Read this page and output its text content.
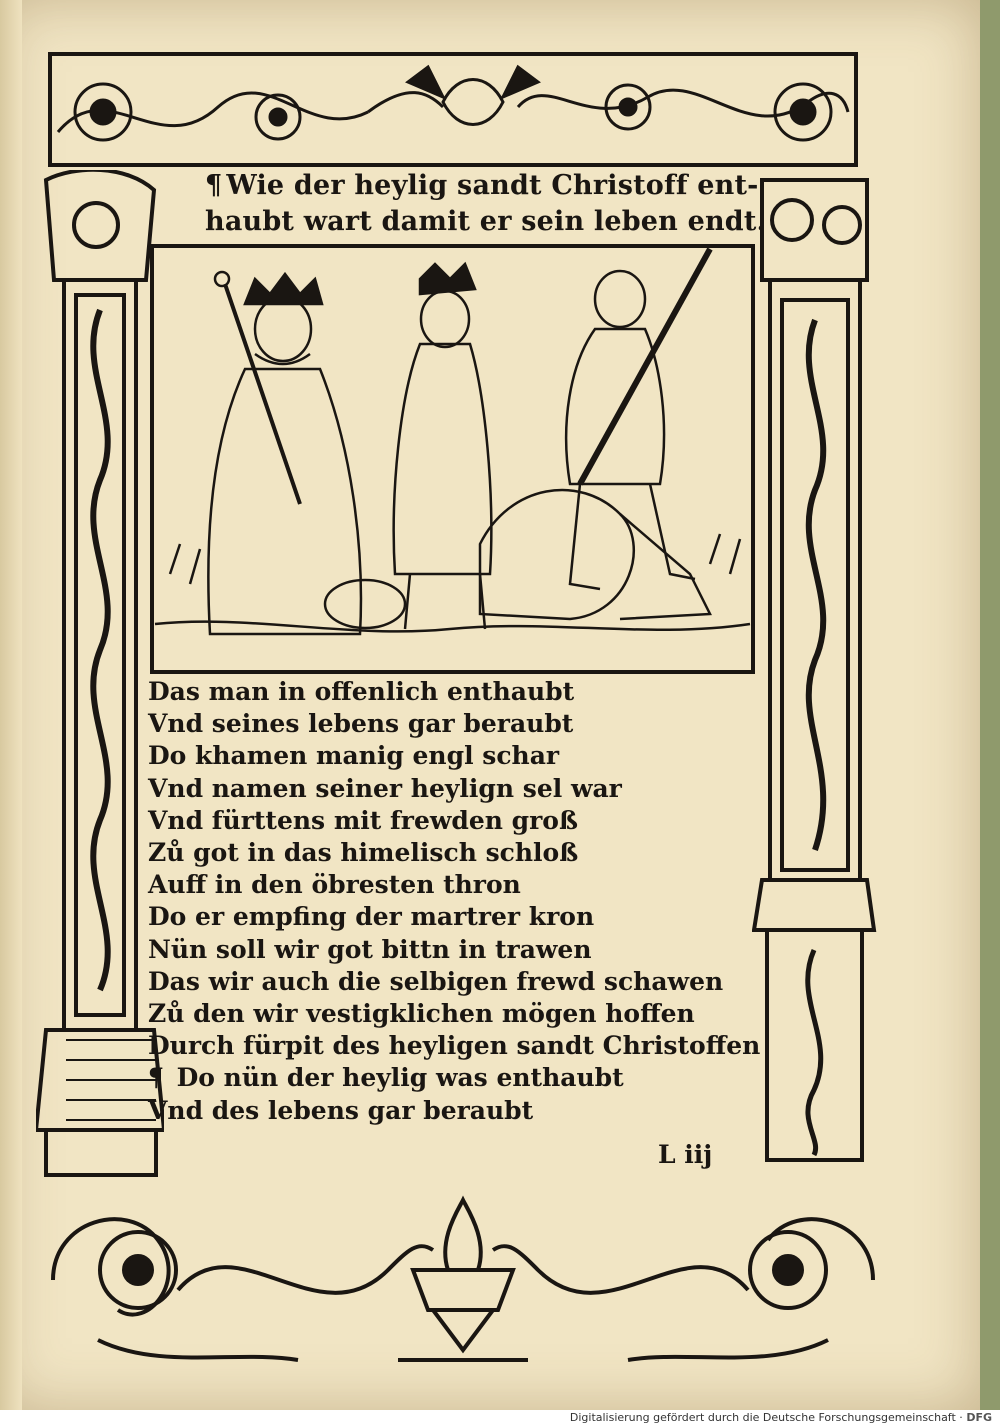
¶ Wie der heylig sandt Christoff ent-
haubt wart damit er sein leben endt.
Das man in offenlich enthaubt
Vnd seines lebens gar beraubt
Do khamen manig engl schar
Vnd namen seiner heylign sel war
Vnd fürttens mit frewden groß
Zů got in das himelisch schloß
Auff in den öbresten thron
Do er empfing der martrer kron
Nün soll wir got bittn in trawen
Das wir auch die selbigen frewd schawen
Zů den wir vestigklichen mögen hoffen
Durch fürpit des heyligen sandt Christoffen
¶ Do nün der heylig was enthaubt
Vnd des lebens gar beraubt
L iij
Digitalisierung gefördert durch die Deutsche Forschungsgemeinschaft · DFG
